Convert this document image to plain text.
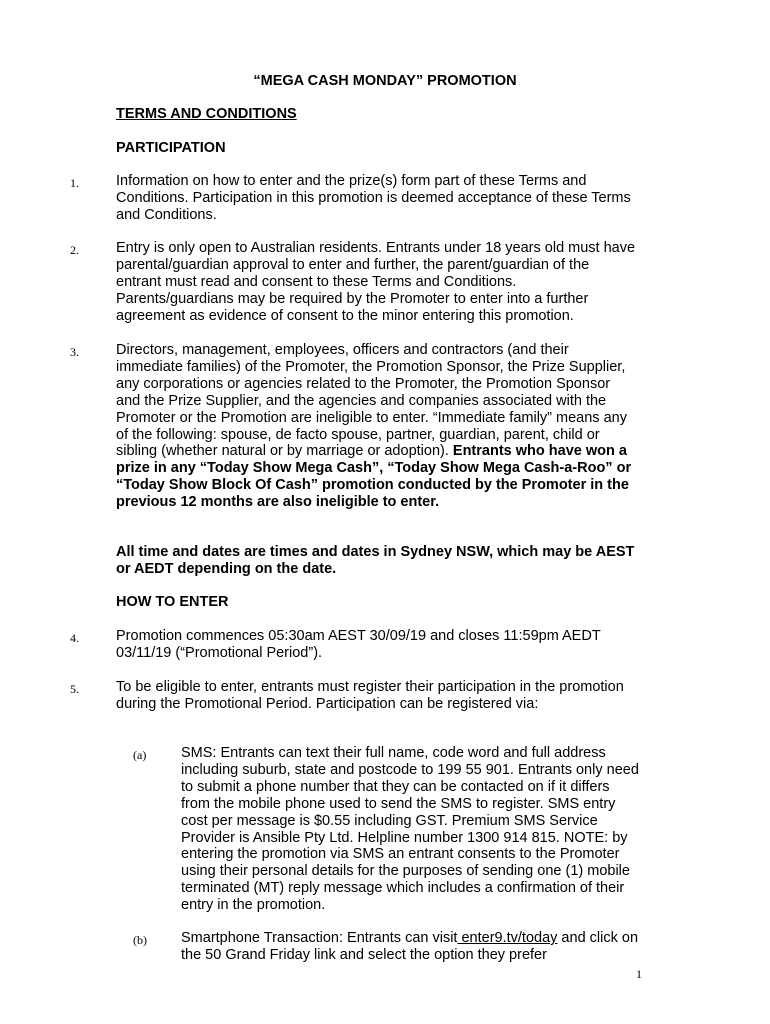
“MEGA CASH MONDAY” PROMOTION
TERMS AND CONDITIONS
PARTICIPATION
1.	Information on how to enter and the prize(s) form part of these Terms and Conditions. Participation in this promotion is deemed acceptance of these Terms and Conditions.
2.	Entry is only open to Australian residents. Entrants under 18 years old must have parental/guardian approval to enter and further, the parent/guardian of the entrant must read and consent to these Terms and Conditions. Parents/guardians may be required by the Promoter to enter into a further agreement as evidence of consent to the minor entering this promotion.
3.	Directors, management, employees, officers and contractors (and their immediate families) of the Promoter, the Promotion Sponsor, the Prize Supplier, any corporations or agencies related to the Promoter, the Promotion Sponsor and the Prize Supplier, and the agencies and companies associated with the Promoter or the Promotion are ineligible to enter. “Immediate family” means any of the following: spouse, de facto spouse, partner, guardian, parent, child or sibling (whether natural or by marriage or adoption). Entrants who have won a prize in any “Today Show Mega Cash”, “Today Show Mega Cash-a-Roo” or “Today Show Block Of Cash” promotion conducted by the Promoter in the previous 12 months are also ineligible to enter.
All time and dates are times and dates in Sydney NSW, which may be AEST or AEDT depending on the date.
HOW TO ENTER
4.	Promotion commences 05:30am AEST 30/09/19 and closes 11:59pm AEDT 03/11/19 (“Promotional Period”).
5.	To be eligible to enter, entrants must register their participation in the promotion during the Promotional Period. Participation can be registered via:
(a) SMS: Entrants can text their full name, code word and full address including suburb, state and postcode to 199 55 901. Entrants only need to submit a phone number that they can be contacted on if it differs from the mobile phone used to send the SMS to register. SMS entry cost per message is $0.55 including GST. Premium SMS Service Provider is Ansible Pty Ltd. Helpline number 1300 914 815. NOTE: by entering the promotion via SMS an entrant consents to the Promoter using their personal details for the purposes of sending one (1) mobile terminated (MT) reply message which includes a confirmation of their entry in the promotion.
(b) Smartphone Transaction: Entrants can visit enter9.tv/today and click on the 50 Grand Friday link and select the option they prefer
1
